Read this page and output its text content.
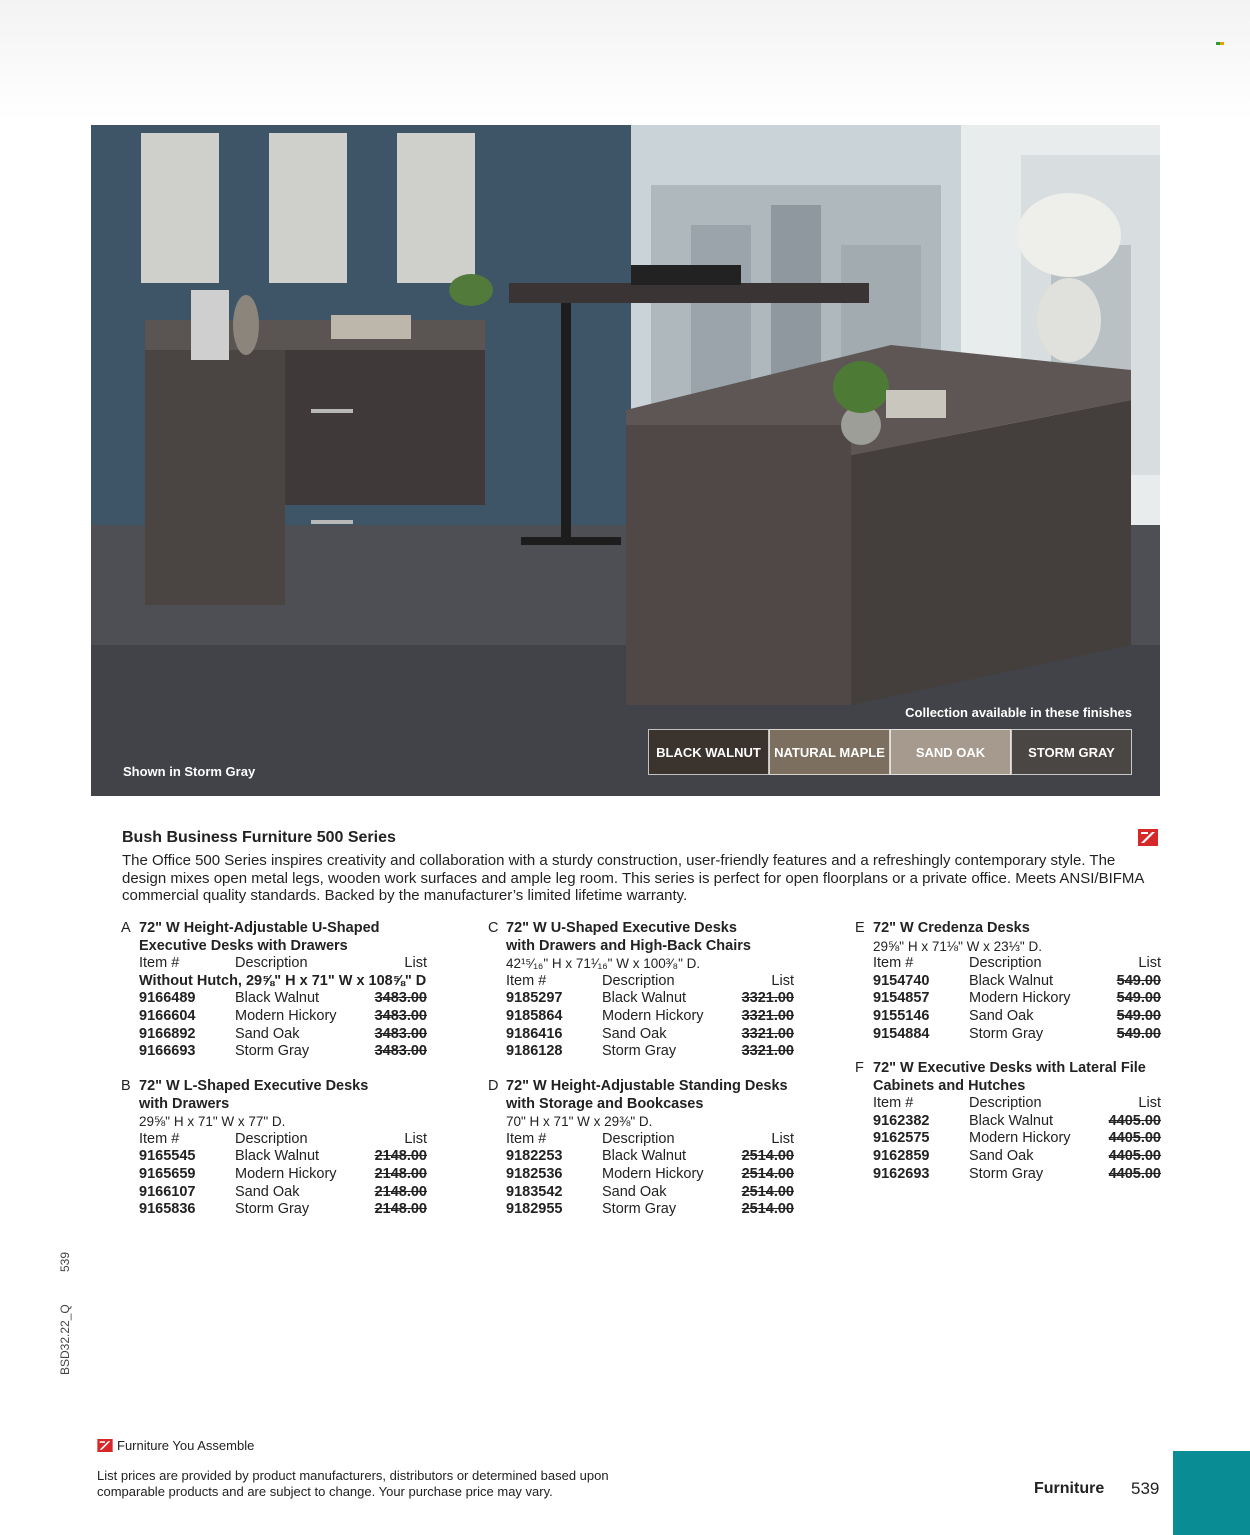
Shown in Storm Gray
Collection available in these finishes
BLACK WALNUT	NATURAL MAPLE	SAND OAK	STORM GRAY
Bush Business Furniture 500 Series
The Office 500 Series inspires creativity and collaboration with a sturdy construction, user-friendly features and a refreshingly contemporary style. The design mixes open metal legs, wooden work surfaces and ample leg room. This series is perfect for open floorplans or a private office. Meets ANSI/BIFMA commercial quality standards. Backed by the manufacturer’s limited lifetime warranty.
A 72" W Height-Adjustable U-Shaped
Executive Desks with Drawers
Item #	Description	List
Without Hutch, 29⅝" H x 71" W x 108⅝" D
9166489	Black Walnut	3483.00
9166604	Modern Hickory	3483.00
9166892	Sand Oak	3483.00
9166693	Storm Gray	3483.00
B 72" W L-Shaped Executive Desks
with Drawers
29⅝" H x 71" W x 77" D.
Item #	Description	List
9165545	Black Walnut	2148.00
9165659	Modern Hickory	2148.00
9166107	Sand Oak	2148.00
9165836	Storm Gray	2148.00
C 72" W U-Shaped Executive Desks
with Drawers and High-Back Chairs
42¹⁵⁄₁₆" H x 71¹⁄₁₆" W x 100³⁄₈" D.
Item #	Description	List
9185297	Black Walnut	3321.00
9185864	Modern Hickory	3321.00
9186416	Sand Oak	3321.00
9186128	Storm Gray	3321.00
D 72" W Height-Adjustable Standing Desks
with Storage and Bookcases
70" H x 71" W x 29⅜" D.
Item #	Description	List
9182253	Black Walnut	2514.00
9182536	Modern Hickory	2514.00
9183542	Sand Oak	2514.00
9182955	Storm Gray	2514.00
E 72" W Credenza Desks
29⅝" H x 71⅛" W x 23⅓" D.
Item #	Description	List
9154740	Black Walnut	549.00
9154857	Modern Hickory	549.00
9155146	Sand Oak	549.00
9154884	Storm Gray	549.00
F 72" W Executive Desks with Lateral File
Cabinets and Hutches
Item #	Description	List
9162382	Black Walnut	4405.00
9162575	Modern Hickory	4405.00
9162859	Sand Oak	4405.00
9162693	Storm Gray	4405.00
539
BSD32.22_Q
Furniture You Assemble
List prices are provided by product manufacturers, distributors or determined based upon comparable products and are subject to change. Your purchase price may vary.	Furniture 539
